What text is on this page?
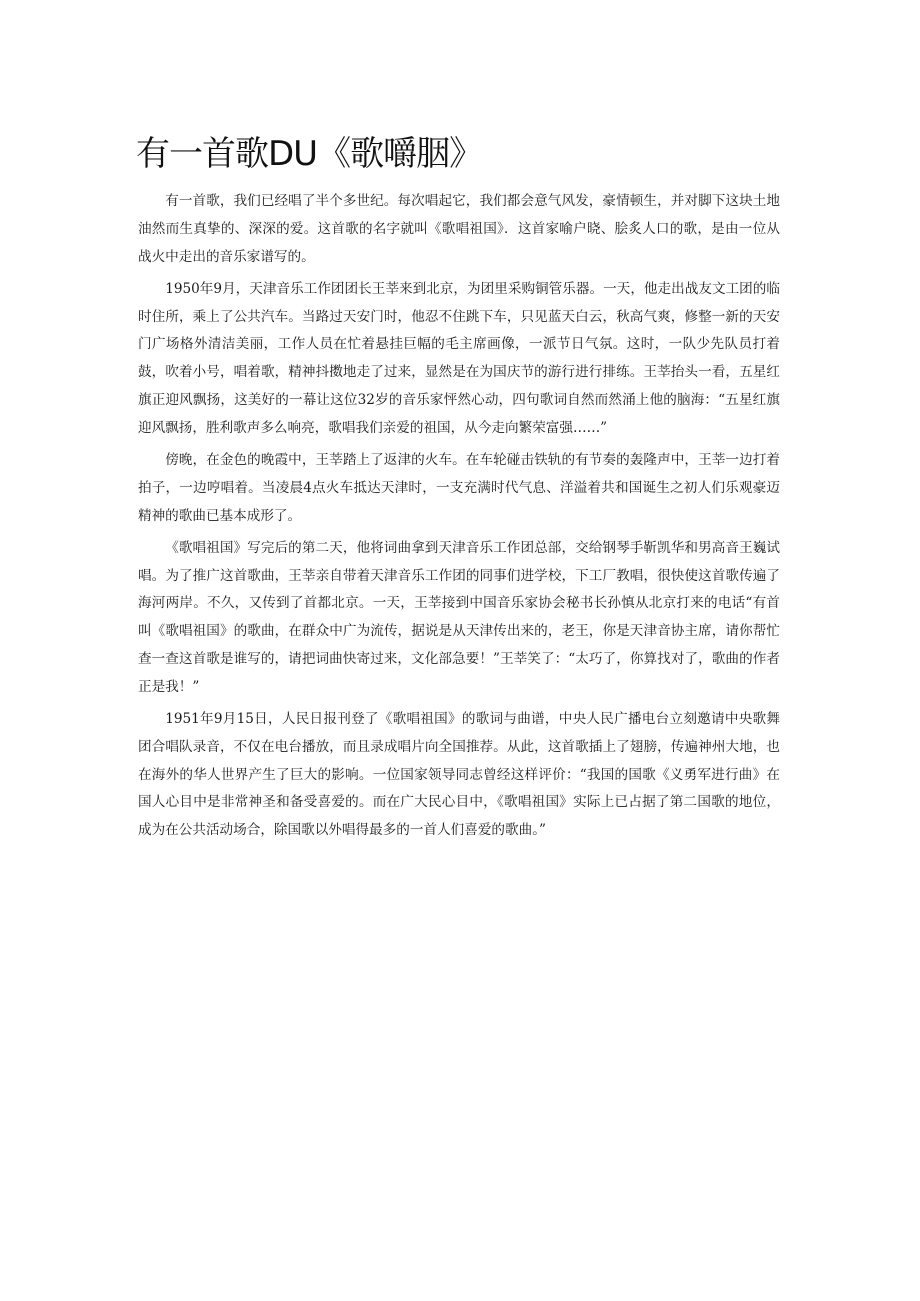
有一首歌DU《歌嚼胭》

有一首歌，我们已经唱了半个多世纪。每次唱起它，我们都会意气风发，豪情顿生，并对脚下这块土地油然而生真挚的、深深的爱。这首歌的名字就叫《歌唱祖国》．这首家喻户晓、脍炙人口的歌，是由一位从战火中走出的音乐家谱写的。

1950年9月，天津音乐工作团团长王莘来到北京，为团里采购铜管乐器。一天，他走出战友文工团的临时住所，乘上了公共汽车。当路过天安门时，他忍不住跳下车，只见蓝天白云，秋高气爽，修整一新的天安门广场格外清洁美丽，工作人员在忙着悬挂巨幅的毛主席画像，一派节日气氛。这时，一队少先队员打着鼓，吹着小号，唱着歌，精神抖擞地走了过来，显然是在为国庆节的游行进行排练。王莘抬头一看，五星红旗正迎风飘扬，这美好的一幕让这位32岁的音乐家怦然心动，四句歌词自然而然涌上他的脑海：“五星红旗迎风飘扬，胜利歌声多么响亮，歌唱我们亲爱的祖国，从今走向繁荣富强……”

傍晚，在金色的晚霞中，王莘踏上了返津的火车。在车轮碰击铁轨的有节奏的轰隆声中，王莘一边打着拍子，一边哼唱着。当凌晨4点火车抵达天津时，一支充满时代气息、洋溢着共和国诞生之初人们乐观豪迈精神的歌曲已基本成形了。

《歌唱祖国》写完后的第二天，他将词曲拿到天津音乐工作团总部，交给钢琴手靳凯华和男高音王巍试唱。为了推广这首歌曲，王莘亲自带着天津音乐工作团的同事们进学校，下工厂教唱，很快使这首歌传遍了海河两岸。不久，又传到了首都北京。一天，王莘接到中国音乐家协会秘书长孙慎从北京打来的电话“有首叫《歌唱祖国》的歌曲，在群众中广为流传，据说是从天津传出来的，老王，你是天津音协主席，请你帮忙查一查这首歌是谁写的，请把词曲快寄过来，文化部急要！”王莘笑了：“太巧了，你算找对了，歌曲的作者正是我！”

1951年9月15日，人民日报刊登了《歌唱祖国》的歌词与曲谱，中央人民广播电台立刻邀请中央歌舞团合唱队录音，不仅在电台播放，而且录成唱片向全国推荐。从此，这首歌插上了翅膀，传遍神州大地，也在海外的华人世界产生了巨大的影响。一位国家领导同志曾经这样评价：“我国的国歌《义勇军进行曲》在国人心目中是非常神圣和备受喜爱的。而在广大民心目中，《歌唱祖国》实际上已占据了第二国歌的地位，成为在公共活动场合，除国歌以外唱得最多的一首人们喜爱的歌曲。”
